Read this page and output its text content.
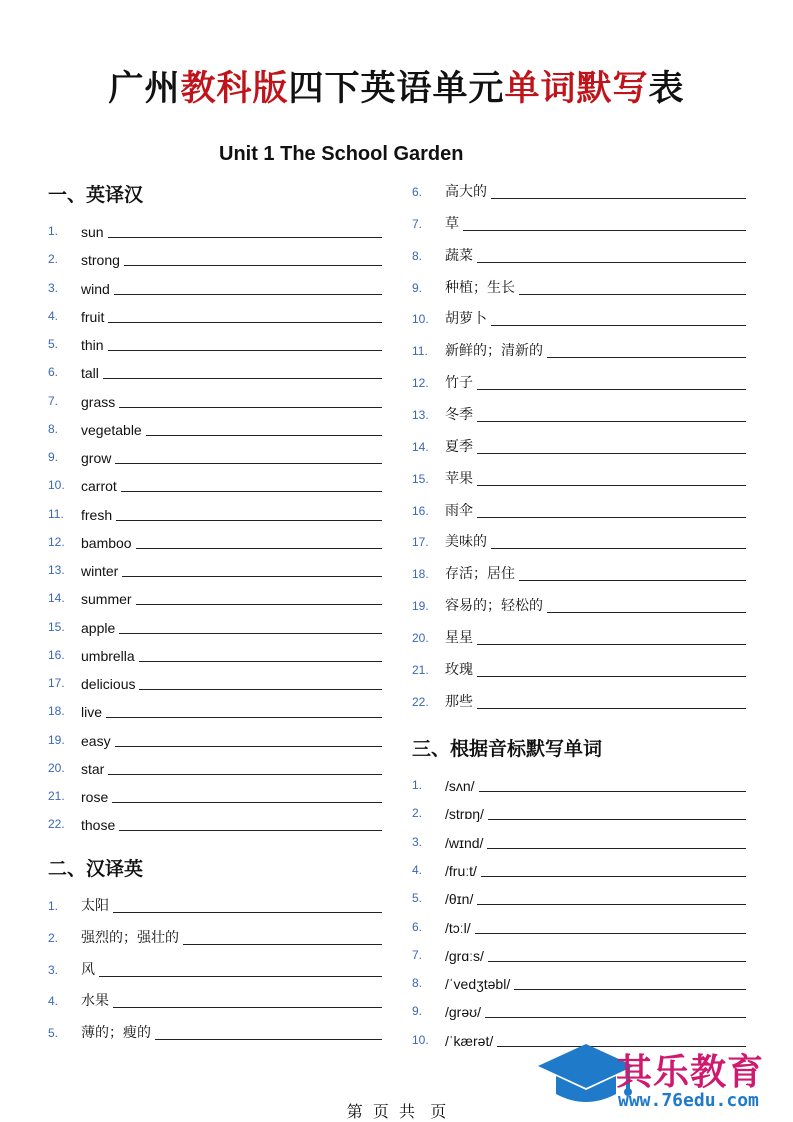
广州教科版四下英语单元单词默写表
Unit 1 The School Garden
一、英译汉
1.	sun
2.	strong
3.	wind
4.	fruit
5.	thin
6.	tall
7.	grass
8.	vegetable
9.	grow
10.	carrot
11.	fresh
12.	bamboo
13.	winter
14.	summer
15.	apple
16.	umbrella
17.	delicious
18.	live
19.	easy
20.	star
21.	rose
22.	those
二、汉译英
1.	太阳
2.	强烈的；强壮的
3.	风
4.	水果
5.	薄的；瘦的
6.	高大的
7.	草
8.	蔬菜
9.	种植；生长
10.	胡萝卜
11.	新鲜的；清新的
12.	竹子
13.	冬季
14.	夏季
15.	苹果
16.	雨伞
17.	美味的
18.	存活；居住
19.	容易的；轻松的
20.	星星
21.	玫瑰
22.	那些
三、根据音标默写单词
1.	/sʌn/
2.	/strɒŋ/
3.	/wɪnd/
4.	/fruːt/
5.	/θɪn/
6.	/tɔːl/
7.	/grɑːs/
8.	/ˈvedʒtəbl/
9.	/grəʊ/
10.	/ˈkærət/
第  页  共   页
其乐教育
www.76edu.com
